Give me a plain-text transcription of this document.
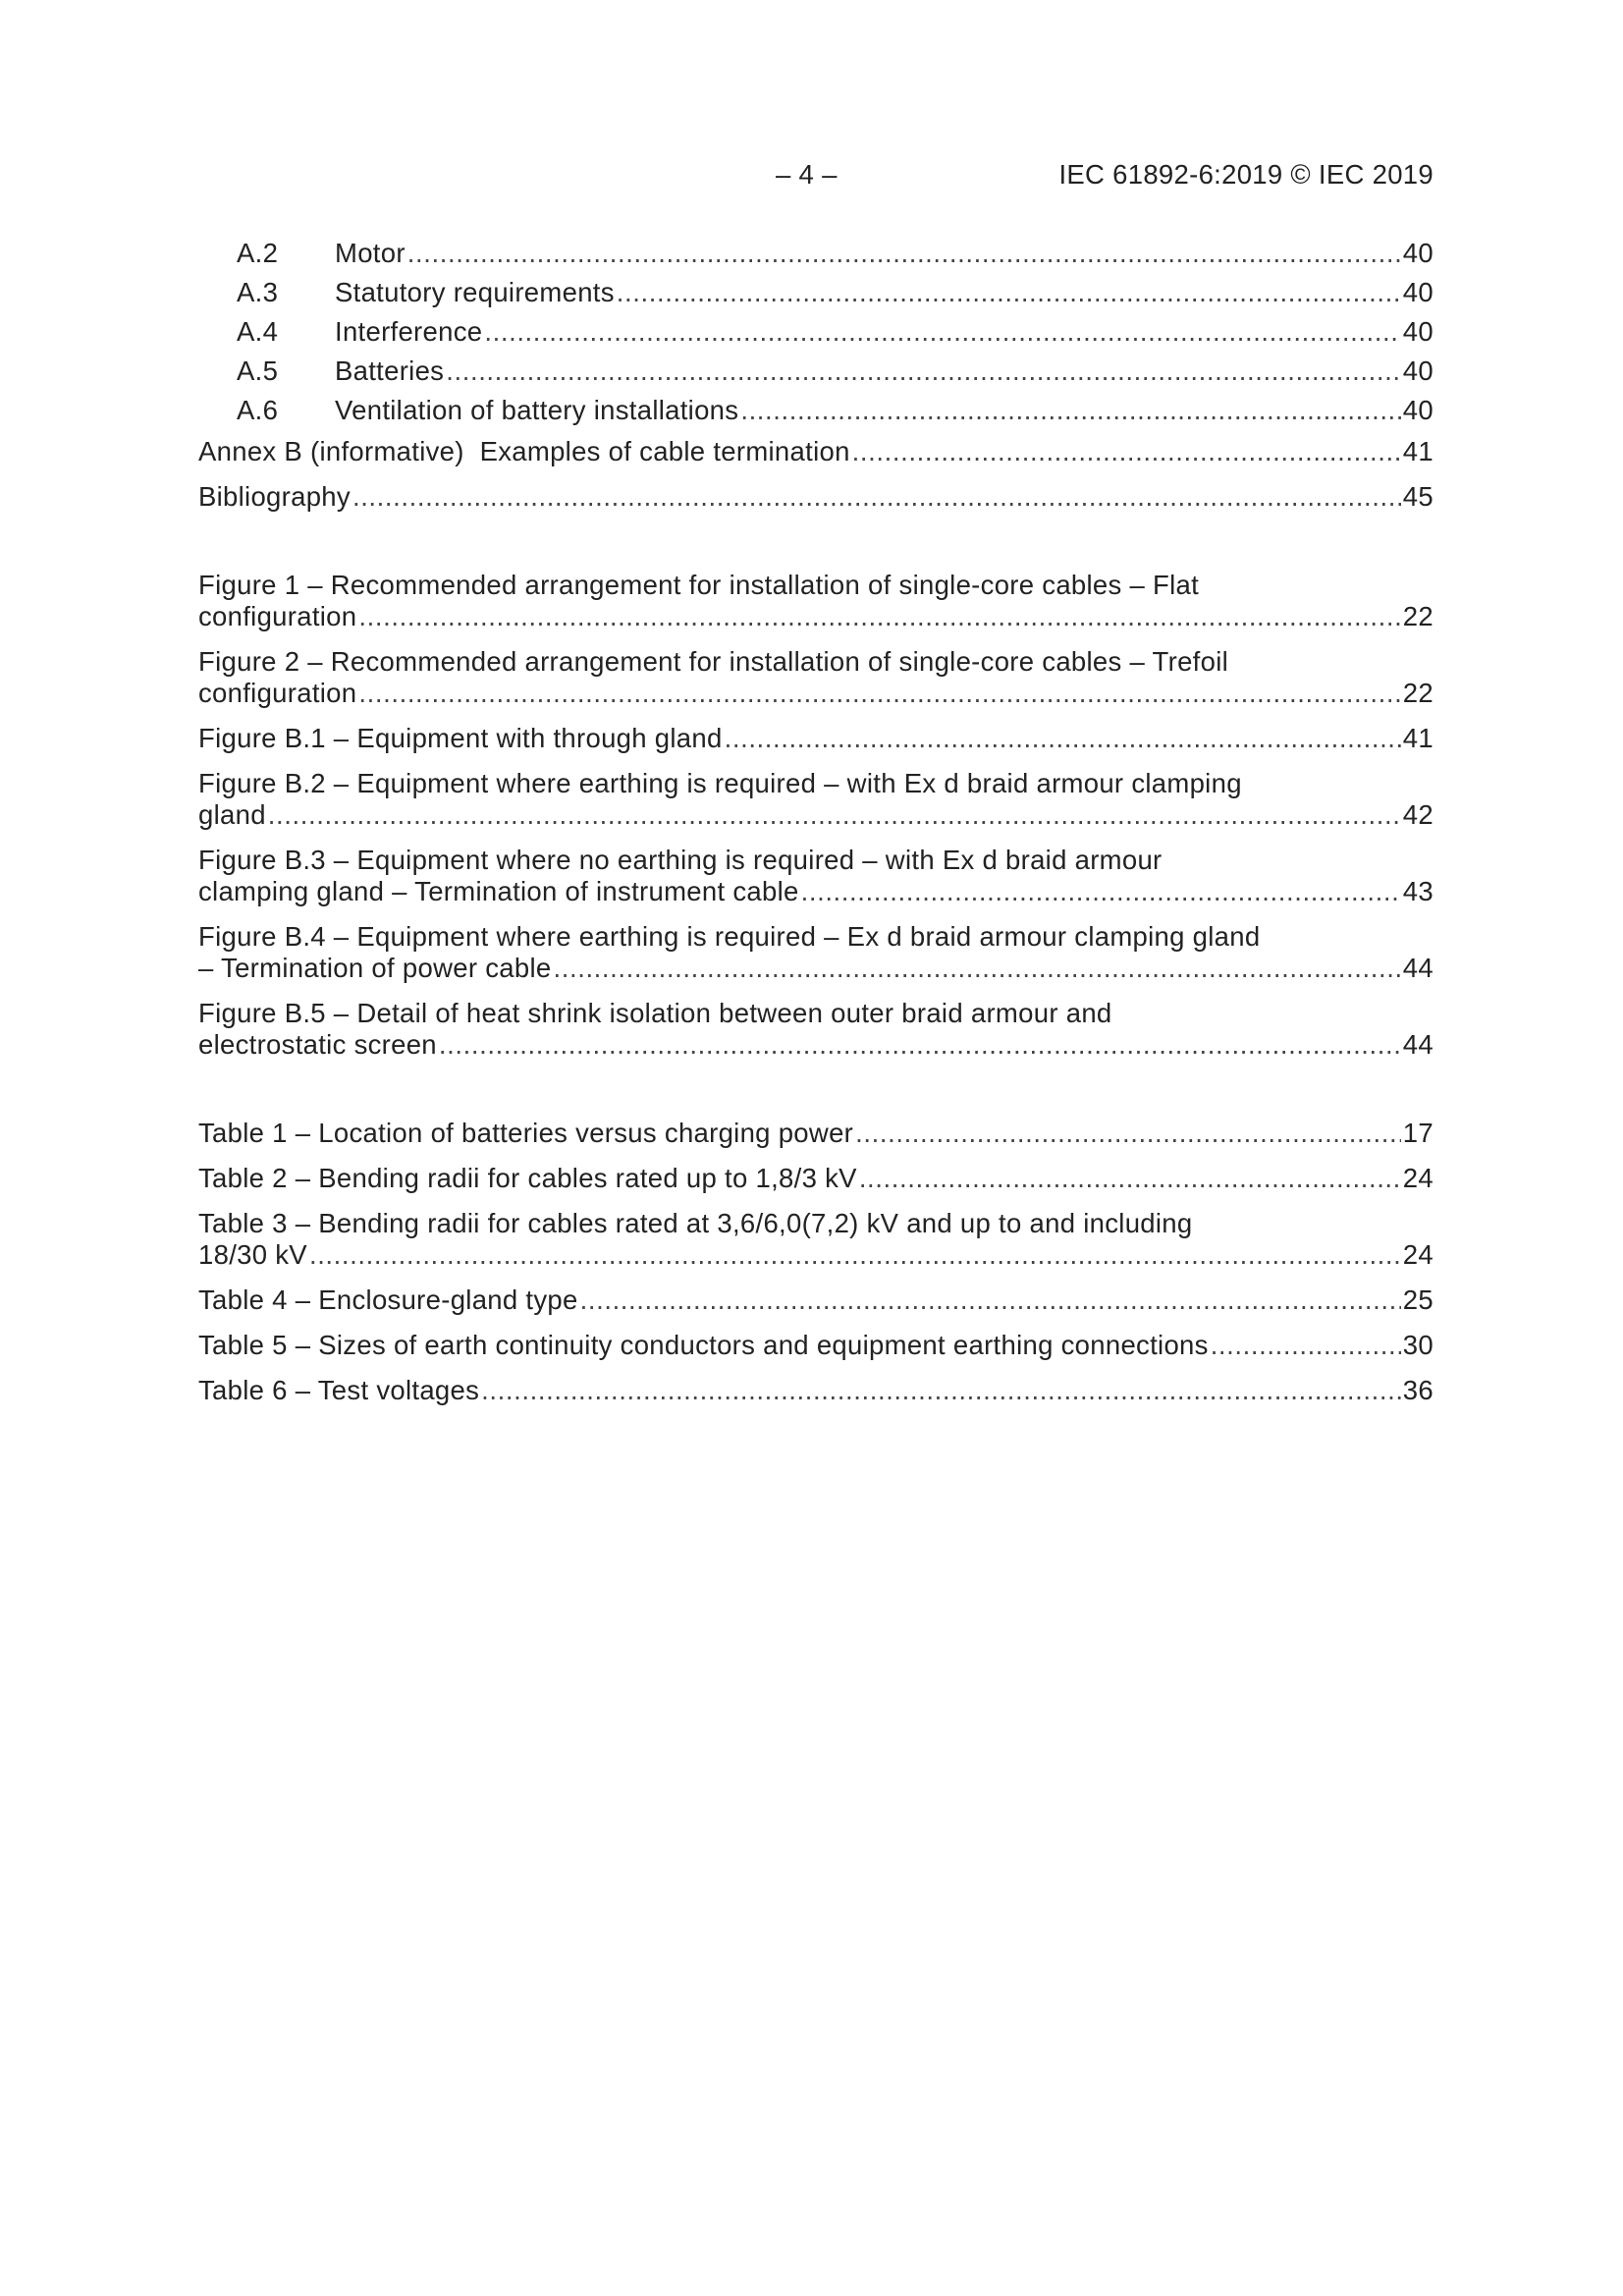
– 4 –	IEC 61892-6:2019 © IEC 2019
A.2	Motor .....	40
A.3	Statutory requirements .....	40
A.4	Interference .....	40
A.5	Batteries .....	40
A.6	Ventilation of battery installations .....	40
Annex B (informative)  Examples of cable termination .....	41
Bibliography .....	45
Figure 1 – Recommended arrangement for installation of single-core cables – Flat
configuration .....	22
Figure 2 – Recommended arrangement for installation of single-core cables – Trefoil
configuration .....	22
Figure B.1 – Equipment with through gland .....	41
Figure B.2 – Equipment where earthing is required – with Ex d braid armour clamping
gland .....	42
Figure B.3 – Equipment where no earthing is required – with Ex d braid armour
clamping gland – Termination of instrument cable .....	43
Figure B.4 – Equipment where earthing is required – Ex d braid armour clamping gland
– Termination of power cable .....	44
Figure B.5 – Detail of heat shrink isolation between outer braid armour and
electrostatic screen .....	44
Table 1 – Location of batteries versus charging power .....	17
Table 2 – Bending radii for cables rated up to 1,8/3 kV .....	24
Table 3 – Bending radii for cables rated at 3,6/6,0(7,2) kV and up to and including
18/30 kV .....	24
Table 4 – Enclosure-gland type .....	25
Table 5 – Sizes of earth continuity conductors and equipment earthing connections .....	30
Table 6 – Test voltages .....	36
